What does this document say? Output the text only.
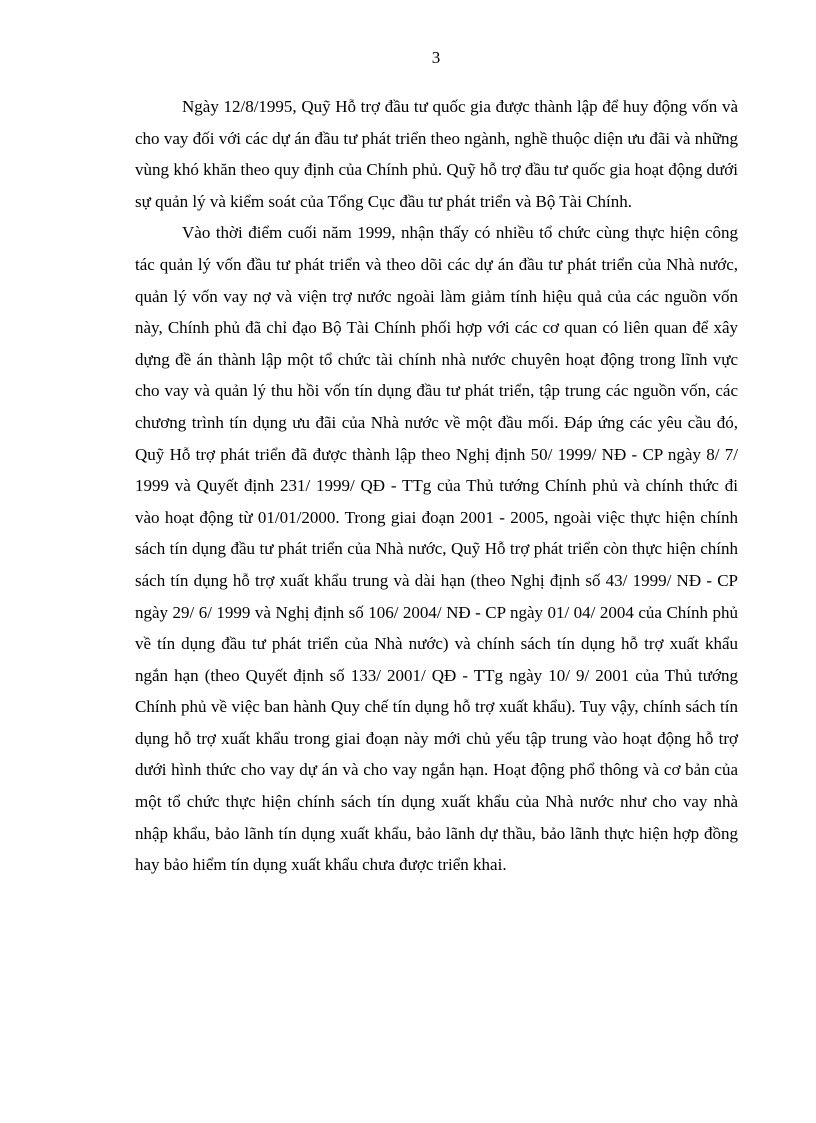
3

Ngày 12/8/1995, Quỹ Hỗ trợ đầu tư quốc gia được thành lập để huy động vốn và cho vay đối với các dự án đầu tư phát triển theo ngành, nghề thuộc diện ưu đãi và những vùng khó khăn theo quy định của Chính phủ. Quỹ hỗ trợ đầu tư quốc gia hoạt động dưới sự quản lý và kiểm soát của Tổng Cục đầu tư phát triển và Bộ Tài Chính.

Vào thời điểm cuối năm 1999, nhận thấy có nhiều tổ chức cùng thực hiện công tác quản lý vốn đầu tư phát triển và theo dõi các dự án đầu tư phát triển của Nhà nước, quản lý vốn vay nợ và viện trợ nước ngoài làm giảm tính hiệu quả của các nguồn vốn này, Chính phủ đã chỉ đạo Bộ Tài Chính phối hợp với các cơ quan có liên quan để xây dựng đề án thành lập một tổ chức tài chính nhà nước chuyên hoạt động trong lĩnh vực cho vay và quản lý thu hồi vốn tín dụng đầu tư phát triển, tập trung các nguồn vốn, các chương trình tín dụng ưu đãi của Nhà nước về một đầu mối. Đáp ứng các yêu cầu đó, Quỹ Hỗ trợ phát triển đã được thành lập theo Nghị định 50/ 1999/ NĐ - CP ngày 8/ 7/ 1999 và Quyết định 231/ 1999/ QĐ - TTg của Thủ tướng Chính phủ và chính thức đi vào hoạt động từ 01/01/2000. Trong giai đoạn 2001 - 2005, ngoài việc thực hiện chính sách tín dụng đầu tư phát triển của Nhà nước, Quỹ Hỗ trợ phát triển còn thực hiện chính sách tín dụng hỗ trợ xuất khẩu trung và dài hạn (theo Nghị định số 43/ 1999/ NĐ - CP ngày 29/ 6/ 1999 và Nghị định số 106/ 2004/ NĐ - CP ngày 01/ 04/ 2004 của Chính phủ về tín dụng đầu tư phát triển của Nhà nước) và chính sách tín dụng hỗ trợ xuất khẩu ngắn hạn (theo Quyết định số 133/ 2001/ QĐ - TTg ngày 10/ 9/ 2001 của Thủ tướng Chính phủ về việc ban hành Quy chế tín dụng hỗ trợ xuất khẩu). Tuy vậy, chính sách tín dụng hỗ trợ xuất khẩu trong giai đoạn này mới chủ yếu tập trung vào hoạt động hỗ trợ dưới hình thức cho vay dự án và cho vay ngắn hạn. Hoạt động phổ thông và cơ bản của một tổ chức thực hiện chính sách tín dụng xuất khẩu của Nhà nước như cho vay nhà nhập khẩu, bảo lãnh tín dụng xuất khẩu, bảo lãnh dự thầu, bảo lãnh thực hiện hợp đồng hay bảo hiểm tín dụng xuất khẩu chưa được triển khai.
